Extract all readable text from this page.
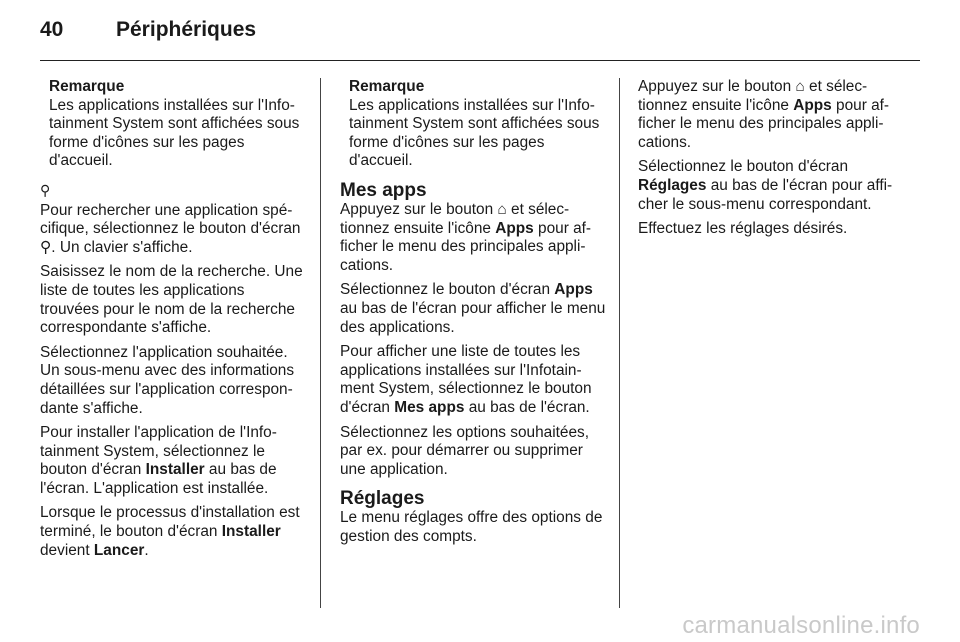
40	Périphériques
Remarque
Les applications installées sur l'Info-tainment System sont affichées sous forme d'icônes sur les pages d'accueil.
⚲

Pour rechercher une application spé-cifique, sélectionnez le bouton d'écran ⚲. Un clavier s'affiche.

Saisissez le nom de la recherche. Une liste de toutes les applications trouvées pour le nom de la recherche correspondante s'affiche.

Sélectionnez l'application souhaitée. Un sous-menu avec des informations détaillées sur l'application correspon-dante s'affiche.

Pour installer l'application de l'Info-tainment System, sélectionnez le bouton d'écran Installer au bas de l'écran. L'application est installée.

Lorsque le processus d'installation est terminé, le bouton d'écran Installer devient Lancer.

Remarque
Les applications installées sur l'Info-tainment System sont affichées sous forme d'icônes sur les pages d'accueil.
Mes apps

Appuyez sur le bouton ⌂ et sélec-tionnez ensuite l'icône Apps pour af-ficher le menu des principales appli-cations.

Sélectionnez le bouton d'écran Apps au bas de l'écran pour afficher le menu des applications.

Pour afficher une liste de toutes les applications installées sur l'Infotain-ment System, sélectionnez le bouton d'écran Mes apps au bas de l'écran.

Sélectionnez les options souhaitées, par ex. pour démarrer ou supprimer une application.

Réglages

Le menu réglages offre des options de gestion des compts.

Appuyez sur le bouton ⌂ et sélec-tionnez ensuite l'icône Apps pour af-ficher le menu des principales appli-cations.

Sélectionnez le bouton d'écran Réglages au bas de l'écran pour affi-cher le sous-menu correspondant.

Effectuez les réglages désirés.

carmanualsonline.info
